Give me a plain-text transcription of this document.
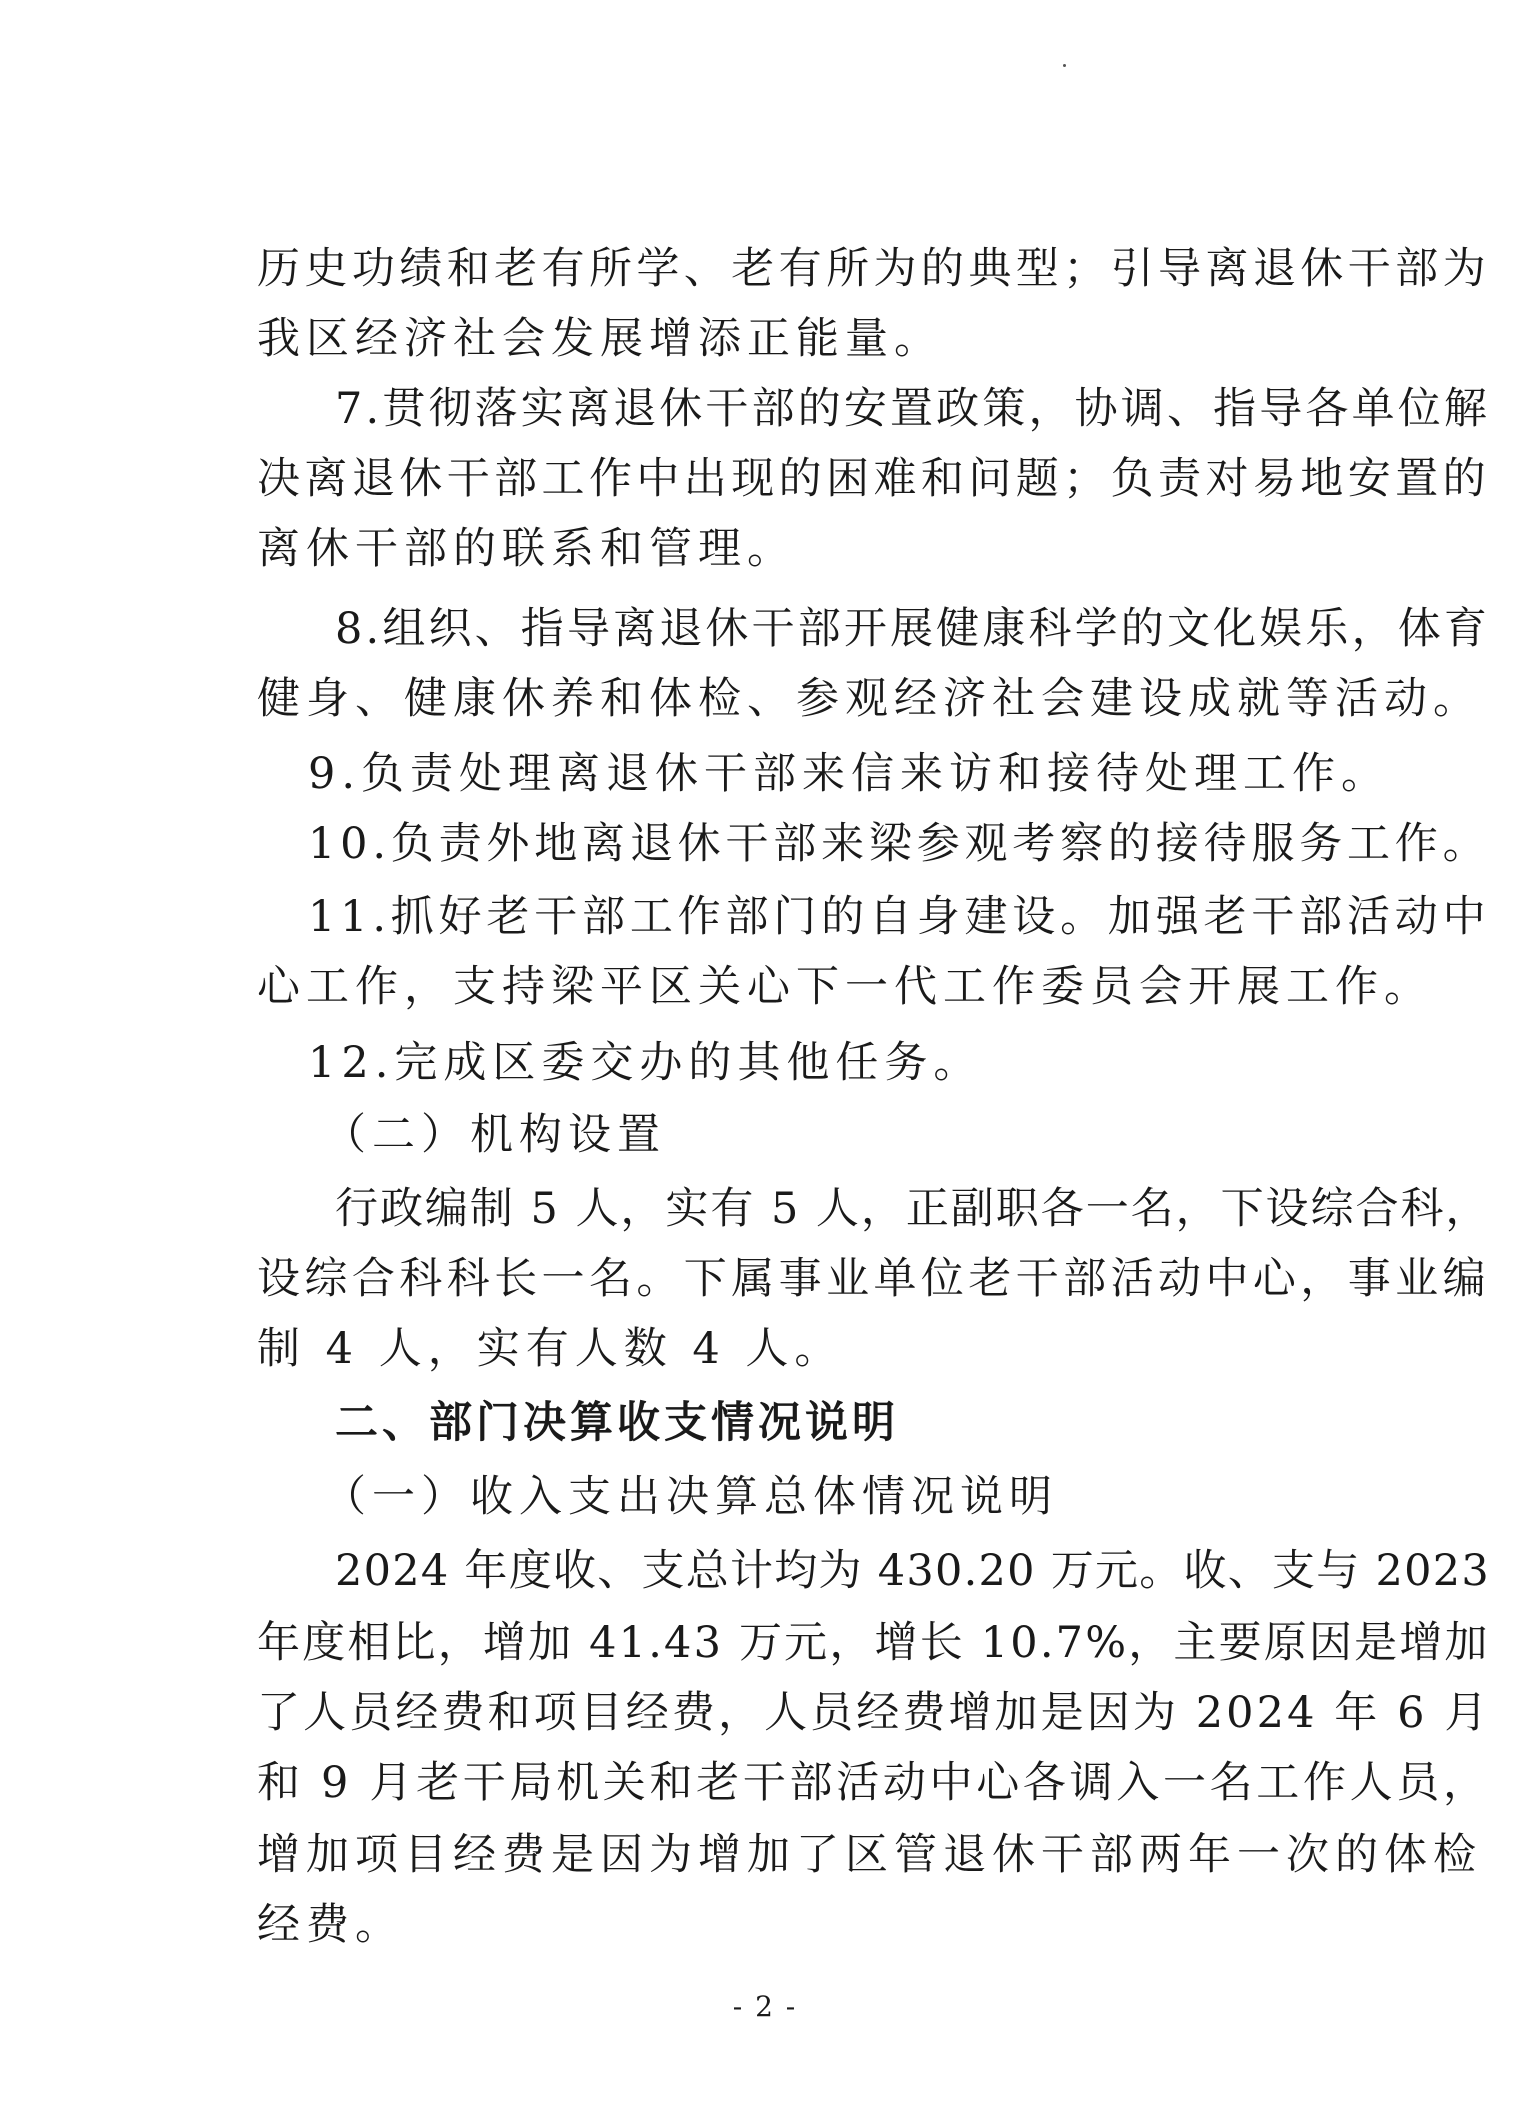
历史功绩和老有所学、老有所为的典型；引导离退休干部为
我区经济社会发展增添正能量。
7.贯彻落实离退休干部的安置政策，协调、指导各单位解
决离退休干部工作中出现的困难和问题；负责对易地安置的
离休干部的联系和管理。
8.组织、指导离退休干部开展健康科学的文化娱乐，体育
健身、健康休养和体检、参观经济社会建设成就等活动。
9.负责处理离退休干部来信来访和接待处理工作。
10.负责外地离退休干部来梁参观考察的接待服务工作。
11.抓好老干部工作部门的自身建设。加强老干部活动中
心工作，支持梁平区关心下一代工作委员会开展工作。
12.完成区委交办的其他任务。
（二）机构设置
行政编制 5 人，实有 5 人，正副职各一名，下设综合科，
设综合科科长一名。下属事业单位老干部活动中心，事业编
制 4 人，实有人数 4 人。
二、部门决算收支情况说明
（一）收入支出决算总体情况说明
2024 年度收、支总计均为 430.20 万元。收、支与 2023
年度相比，增加 41.43 万元，增长 10.7%，主要原因是增加
了人员经费和项目经费，人员经费增加是因为 2024 年 6 月
和 9 月老干局机关和老干部活动中心各调入一名工作人员，
增加项目经费是因为增加了区管退休干部两年一次的体检
经费。
- 2 -
